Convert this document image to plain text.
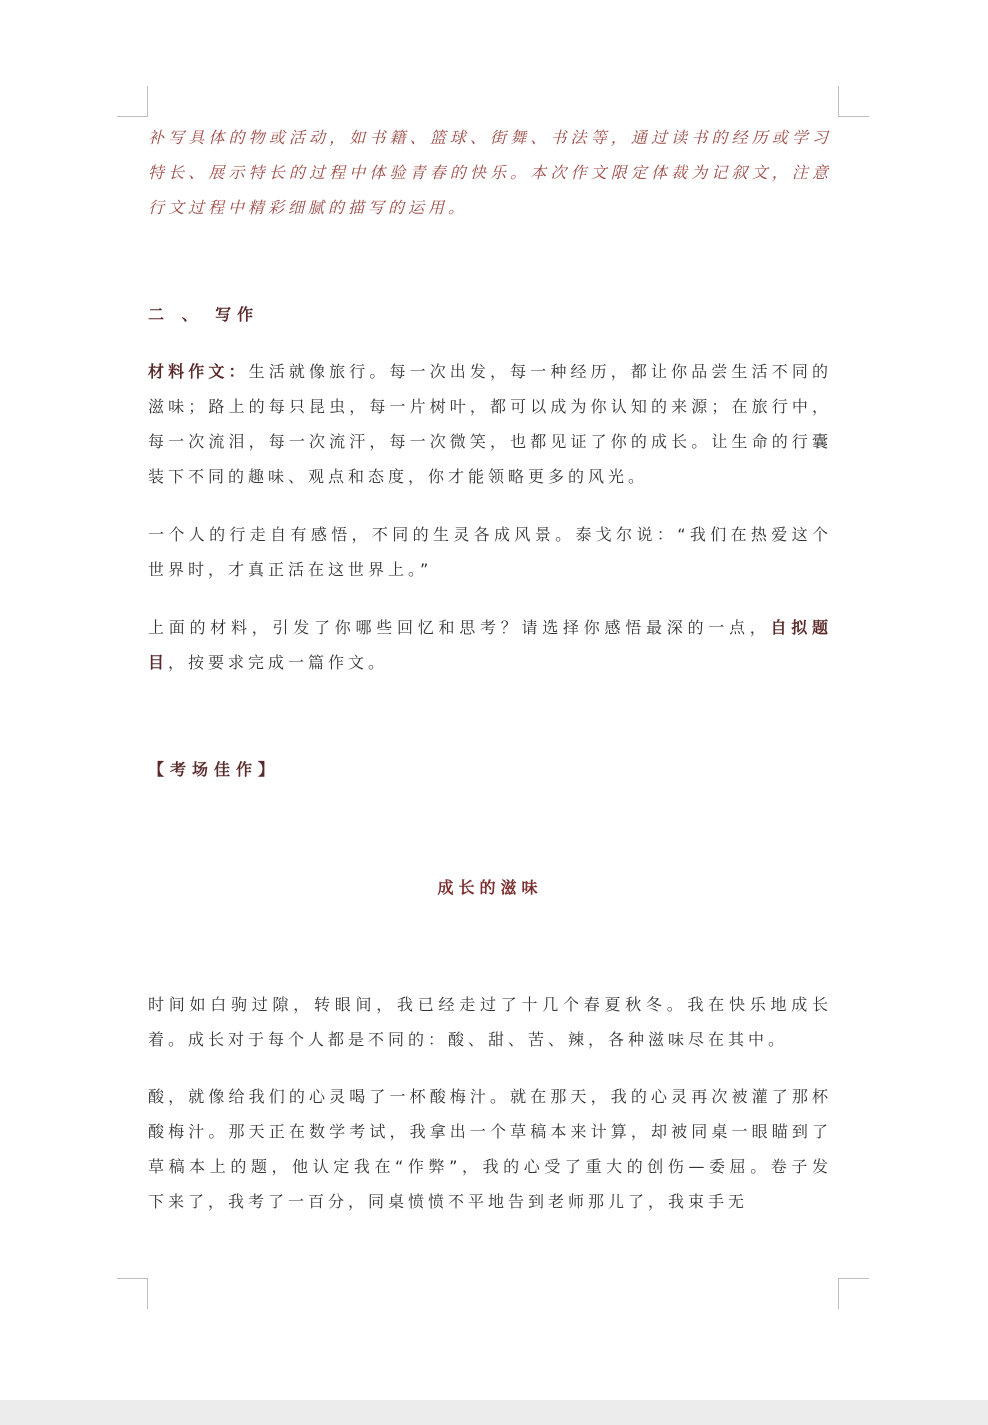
补写具体的物或活动，如书籍、篮球、街舞、书法等，通过读书的经历或学习特长、展示特长的过程中体验青春的快乐。本次作文限定体裁为记叙文，注意行文过程中精彩细腻的描写的运用。

二 、 写作

材料作文：生活就像旅行。每一次出发，每一种经历，都让你品尝生活不同的滋味；路上的每只昆虫，每一片树叶，都可以成为你认知的来源；在旅行中，每一次流泪，每一次流汗，每一次微笑，也都见证了你的成长。让生命的行囊装下不同的趣味、观点和态度，你才能领略更多的风光。

一个人的行走自有感悟，不同的生灵各成风景。泰戈尔说：“我们在热爱这个世界时，才真正活在这世界上。”

上面的材料，引发了你哪些回忆和思考？请选择你感悟最深的一点，自拟题目，按要求完成一篇作文。

【考场佳作】

成长的滋味

时间如白驹过隙，转眼间，我已经走过了十几个春夏秋冬。我在快乐地成长着。成长对于每个人都是不同的：酸、甜、苦、辣，各种滋味尽在其中。

酸，就像给我们的心灵喝了一杯酸梅汁。就在那天，我的心灵再次被灌了那杯酸梅汁。那天正在数学考试，我拿出一个草稿本来计算，却被同桌一眼瞄到了草稿本上的题，他认定我在“作弊”，我的心受了重大的创伤—委屈。卷子发下来了，我考了一百分，同桌愤愤不平地告到老师那儿了，我束手无
